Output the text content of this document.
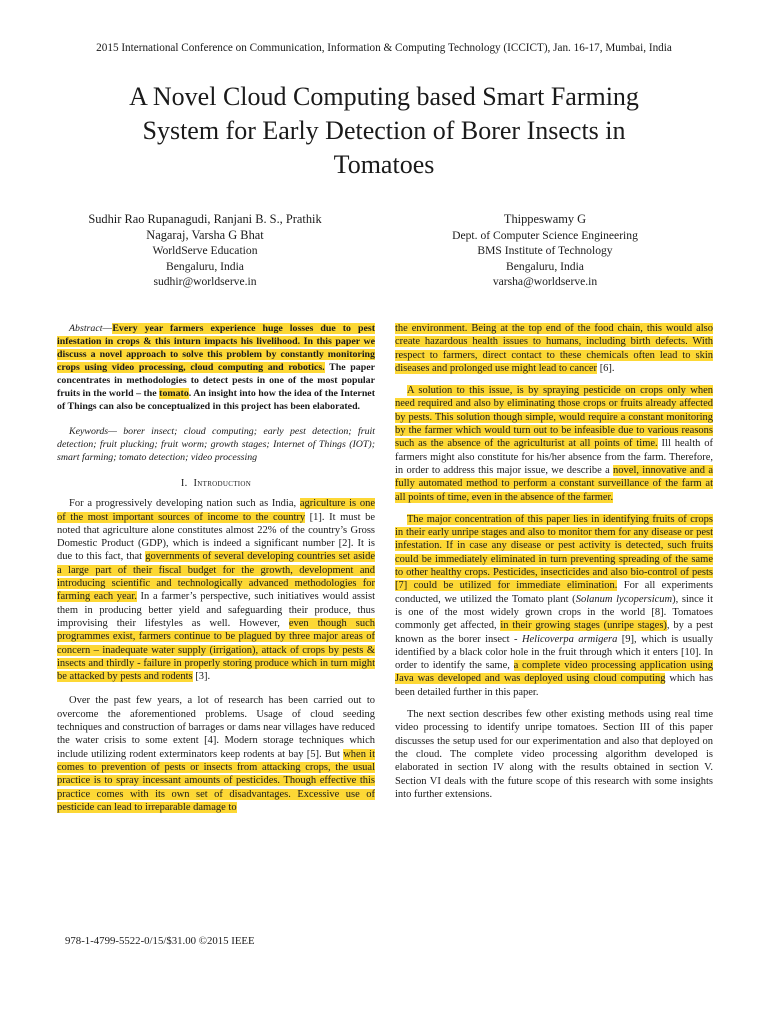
2015 International Conference on Communication, Information & Computing Technology (ICCICT), Jan. 16-17, Mumbai, India
A Novel Cloud Computing based Smart Farming
System for Early Detection of Borer Insects in
Tomatoes
Sudhir Rao Rupanagudi, Ranjani B. S., Prathik
Nagaraj, Varsha G Bhat
WorldServe Education
Bengaluru, India
sudhir@worldserve.in
Thippeswamy G
Dept. of Computer Science Engineering
BMS Institute of Technology
Bengaluru, India
varsha@worldserve.in

Abstract—Every year farmers experience huge losses due to pest infestation in crops & this inturn impacts his livelihood. In this paper we discuss a novel approach to solve this problem by constantly monitoring crops using video processing, cloud computing and robotics. The paper concentrates in methodologies to detect pests in one of the most popular fruits in the world – the tomato. An insight into how the idea of the Internet of Things can also be conceptualized in this project has been elaborated.

Keywords— borer insect; cloud computing; early pest detection; fruit detection; fruit plucking; fruit worm; growth stages; Internet of Things (IOT); smart farming; tomato detection; video processing

I. Introduction

For a progressively developing nation such as India, agriculture is one of the most important sources of income to the country [1]. It must be noted that agriculture alone constitutes almost 22% of the country’s Gross Domestic Product (GDP), which is indeed a significant number [2]. It is due to this fact, that governments of several developing countries set aside a large part of their fiscal budget for the growth, development and introducing scientific and technologically advanced methodologies for farming each year. In a farmer’s perspective, such initiatives would assist them in producing better yield and safeguarding their produce, thus improvising their lifestyles as well. However, even though such programmes exist, farmers continue to be plagued by three major areas of concern – inadequate water supply (irrigation), attack of crops by pests & insects and thirdly - failure in properly storing produce which in turn might be attacked by pests and rodents [3].

Over the past few years, a lot of research has been carried out to overcome the aforementioned problems. Usage of cloud seeding techniques and construction of barrages or dams near villages have reduced the water crisis to some extent [4]. Modern storage techniques which include utilizing rodent exterminators keep rodents at bay [5]. But when it comes to prevention of pests or insects from attacking crops, the usual practice is to spray incessant amounts of pesticides. Though effective this practice comes with its own set of disadvantages. Excessive use of pesticide can lead to irreparable damage to

the environment. Being at the top end of the food chain, this would also create hazardous health issues to humans, including birth defects. With respect to farmers, direct contact to these chemicals often lead to skin diseases and prolonged use might lead to cancer [6].

A solution to this issue, is by spraying pesticide on crops only when need required and also by eliminating those crops or fruits already affected by pests. This solution though simple, would require a constant monitoring by the farmer which would turn out to be infeasible due to various reasons such as the absence of the agriculturist at all points of time. Ill health of farmers might also constitute for his/her absence from the farm. Therefore, in order to address this major issue, we describe a novel, innovative and a fully automated method to perform a constant surveillance of the farm at all points of time, even in the absence of the farmer.

The major concentration of this paper lies in identifying fruits of crops in their early unripe stages and also to monitor them for any disease or pest infestation. If in case any disease or pest activity is detected, such fruits could be immediately eliminated in turn preventing spreading of the same to other healthy crops. Pesticides, insecticides and also bio-control of pests [7] could be utilized for immediate elimination. For all experiments conducted, we utilized the Tomato plant (Solanum lycopersicum), since it is one of the most widely grown crops in the world [8]. Tomatoes commonly get affected, in their growing stages (unripe stages), by a pest known as the borer insect - Helicoverpa armigera [9], which is usually identified by a black color hole in the fruit through which it enters [10]. In order to identify the same, a complete video processing application using Java was developed and was deployed using cloud computing which has been detailed further in this paper.

The next section describes few other existing methods using real time video processing to identify unripe tomatoes. Section III of this paper discusses the setup used for our experimentation and also that deployed on the cloud. The complete video processing algorithm developed is elaborated in section IV along with the results obtained in section V. Section VI deals with the future scope of this research with some insights into further extensions.

978-1-4799-5522-0/15/$31.00 ©2015 IEEE
